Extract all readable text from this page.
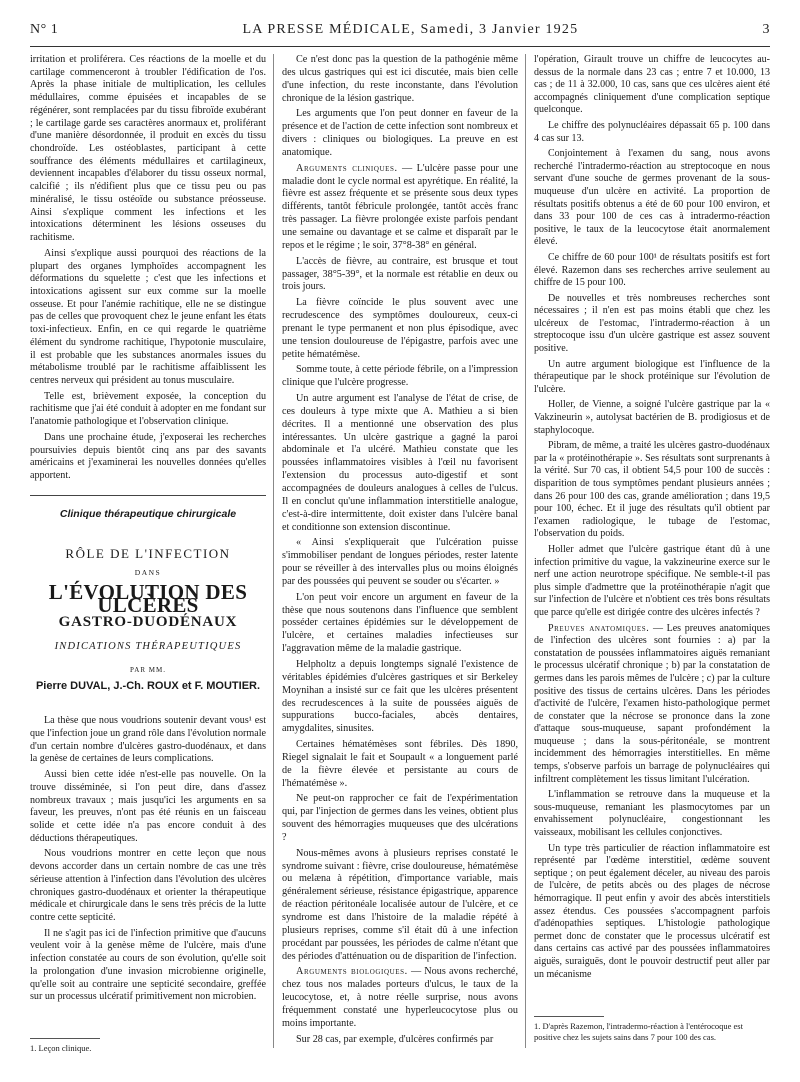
N° 1	LA PRESSE MÉDICALE, Samedi, 3 Janvier 1925	3

irritation et proliférera. Ces réactions de la moelle et du cartilage commenceront à troubler l'édification de l'os. Après la phase initiale de multiplication, les cellules médullaires, comme épuisées et incapables de se régénérer, sont remplacées par du tissu fibroïde exubérant ; le cartilage garde ses caractères anormaux et, proliférant d'une manière désordonnée, il produit en excès du tissu chondroïde. Les ostéoblastes, participant à cette souffrance des éléments médullaires et cartilagineux, deviennent incapables d'élaborer du tissu osseux normal, calcifié ; ils n'édifient plus que ce tissu peu ou pas minéralisé, le tissu ostéoïde ou substance préosseuse. Ainsi s'explique comment les infections et les intoxications déterminent les lésions osseuses du rachitisme.

Ainsi s'explique aussi pourquoi des réactions de la plupart des organes lymphoïdes accompagnent les déformations du squelette ; c'est que les infections et intoxications agissent sur eux comme sur la moelle osseuse. Et pour l'anémie rachitique, elle ne se distingue pas de celles que provoquent chez le jeune enfant les états toxi-infectieux. Enfin, en ce qui regarde le quatrième élément du syndrome rachitique, l'hypotonie musculaire, il est probable que les substances anormales issues du métabolisme troublé par le rachitisme affaiblissent les centres nerveux qui président au tonus musculaire.

Telle est, brièvement exposée, la conception du rachitisme que j'ai été conduit à adopter en me fondant sur l'anatomie pathologique et l'observation clinique.

Dans une prochaine étude, j'exposerai les recherches poursuivies depuis bientôt cinq ans par des savants américains et j'examinerai les nouvelles données qu'elles apportent.

Clinique thérapeutique chirurgicale
RÔLE DE L'INFECTION
DANS
L'ÉVOLUTION DES ULCÈRES
GASTRO-DUODÉNAUX
INDICATIONS THÉRAPEUTIQUES
PAR MM.
Pierre DUVAL, J.-Ch. ROUX et F. MOUTIER.

La thèse que nous voudrions soutenir devant vous¹ est que l'infection joue un grand rôle dans l'évolution normale d'un certain nombre d'ulcères gastro-duodénaux, et dans la genèse de certaines de leurs complications.

Aussi bien cette idée n'est-elle pas nouvelle. On la trouve disséminée, si l'on peut dire, dans d'assez nombreux travaux ; mais jusqu'ici les arguments en sa faveur, les preuves, n'ont pas été réunis en un faisceau solide et cette idée n'a pas encore conduit à des déductions thérapeutiques.

Nous voudrions montrer en cette leçon que nous devons accorder dans un certain nombre de cas une très sérieuse attention à l'infection dans l'évolution des ulcères chroniques gastro-duodénaux et orienter la thérapeutique médicale et chirurgicale dans le sens très précis de la lutte contre cette septicité.

Il ne s'agit pas ici de l'infection primitive que d'aucuns veulent voir à la genèse même de l'ulcère, mais d'une infection constatée au cours de son évolution, qu'elle soit la prolongation d'une invasion microbienne originelle, qu'elle soit au contraire une septicité secondaire, greffée sur un processus ulcératif primitivement non microbien.

1. Leçon clinique.

Ce n'est donc pas la question de la pathogénie même des ulcus gastriques qui est ici discutée, mais bien celle d'une infection, du reste inconstante, dans l'évolution chronique de la lésion gastrique.

Les arguments que l'on peut donner en faveur de la présence et de l'action de cette infection sont nombreux et divers : cliniques ou biologiques. La preuve en est anatomique.

Arguments cliniques. — L'ulcère passe pour une maladie dont le cycle normal est apyrétique. En réalité, la fièvre est assez fréquente et se présente sous deux types différents, tantôt fébricule prolongée, tantôt accès franc très passager. La fièvre prolongée existe parfois pendant une semaine ou davantage et se calme et disparaît par le repos et le régime ; le soir, 37°8-38° en général.

L'accès de fièvre, au contraire, est brusque et tout passager, 38°5-39°, et la normale est rétablie en deux ou trois jours.

La fièvre coïncide le plus souvent avec une recrudescence des symptômes douloureux, ceux-ci prenant le type permanent et non plus épisodique, avec une tension douloureuse de l'épigastre, parfois avec une petite hématémèse.

Somme toute, à cette période fébrile, on a l'impression clinique que l'ulcère progresse.

Un autre argument est l'analyse de l'état de crise, de ces douleurs à type mixte que A. Mathieu a si bien décrites. Il a mentionné une observation des plus intéressantes. Un ulcère gastrique a gagné la paroi abdominale et l'a ulcéré. Mathieu constate que les poussées inflammatoires visibles à l'œil nu favorisent l'extension du processus auto-digestif et sont accompagnées de douleurs analogues à celles de l'ulcus. Il en conclut qu'une inflammation interstitielle analogue, c'est-à-dire intermittente, doit exister dans l'ulcère banal et conditionne son extension discontinue.

« Ainsi s'expliquerait que l'ulcération puisse s'immobiliser pendant de longues périodes, rester latente pour se réveiller à des intervalles plus ou moins éloignés par des poussées qui peuvent se souder ou s'écarter. »

L'on peut voir encore un argument en faveur de la thèse que nous soutenons dans l'influence que semblent posséder certaines épidémies sur le développement de l'ulcère, et certaines maladies infectieuses sur l'aggravation même de la maladie gastrique.

Helpholtz a depuis longtemps signalé l'existence de véritables épidémies d'ulcères gastriques et sir Berkeley Moynihan a insisté sur ce fait que les ulcères présentent des recrudescences à la suite de poussées aiguës de suppurations bucco-faciales, abcès dentaires, amygdalites, sinusites.

Certaines hématémèses sont fébriles. Dès 1890, Riegel signalait le fait et Soupault « a longuement parlé de la fièvre élevée et persistante au cours de l'hématémèse ».

Ne peut-on rapprocher ce fait de l'expérimentation qui, par l'injection de germes dans les veines, obtient plus souvent des hémorragies muqueuses que des ulcérations ?

Nous-mêmes avons à plusieurs reprises constaté le syndrome suivant : fièvre, crise douloureuse, hématémèse ou melæna à répétition, d'importance variable, mais généralement sérieuse, résistance épigastrique, apparence de réaction péritonéale localisée autour de l'ulcère, et ce syndrome est dans l'histoire de la maladie répété à plusieurs reprises, comme s'il était dû à une infection procédant par poussées, les périodes de calme n'étant que des périodes d'atténuation ou de disparition de l'infection.

Arguments biologiques. — Nous avons recherché, chez tous nos malades porteurs d'ulcus, le taux de la leucocytose, et, à notre réelle surprise, nous avons fréquemment constaté une hyperleucocytose plus ou moins importante.

Sur 28 cas, par exemple, d'ulcères confirmés par

l'opération, Girault trouve un chiffre de leucocytes au-dessus de la normale dans 23 cas ; entre 7 et 10.000, 13 cas ; de 11 à 32.000, 10 cas, sans que ces ulcères aient été accompagnés cliniquement d'une complication septique quelconque.

Le chiffre des polynucléaires dépassait 65 p. 100 dans 4 cas sur 13.

Conjointement à l'examen du sang, nous avons recherché l'intradermo-réaction au streptocoque en nous servant d'une souche de germes provenant de la sous-muqueuse d'un ulcère en activité. La proportion de résultats positifs obtenus a été de 60 pour 100 environ, et dans 33 pour 100 de ces cas à intradermo-réaction positive, le taux de la leucocytose était anormalement élevé.

Ce chiffre de 60 pour 100¹ de résultats positifs est fort élevé. Razemon dans ses recherches arrive seulement au chiffre de 15 pour 100.

De nouvelles et très nombreuses recherches sont nécessaires ; il n'en est pas moins établi que chez les ulcéreux de l'estomac, l'intradermo-réaction à un streptocoque issu d'un ulcère gastrique est assez souvent positive.

Un autre argument biologique est l'influence de la thérapeutique par le shock protéinique sur l'évolution de l'ulcère.

Holler, de Vienne, a soigné l'ulcère gastrique par la « Vakzineurin », autolysat bactérien de B. prodigiosus et de staphylocoque.

Pibram, de même, a traité les ulcères gastro-duodénaux par la « protéinothérapie ». Ses résultats sont surprenants à la vérité. Sur 70 cas, il obtient 54,5 pour 100 de succès : disparition de tous symptômes pendant plusieurs années ; dans 26 pour 100 des cas, grande amélioration ; dans 19,5 pour 100, échec. Et il juge des résultats qu'il obtient par l'examen radiologique, le tubage de l'estomac, l'observation du poids.

Holler admet que l'ulcère gastrique étant dû à une infection primitive du vague, la vakzineurine exerce sur le nerf une action neurotrope spécifique. Ne semble-t-il pas plus simple d'admettre que la protéinothérapie n'agit que sur l'infection de l'ulcère et n'obtient ces très bons résultats que parce qu'elle est dirigée contre des ulcères infectés ?

Preuves anatomiques. — Les preuves anatomiques de l'infection des ulcères sont fournies : a) par la constatation de poussées inflammatoires aiguës remaniant le processus ulcératif chronique ; b) par la constatation de germes dans les parois mêmes de l'ulcère ; c) par la culture positive des tissus de certains ulcères. Dans les périodes d'activité de l'ulcère, l'examen histo-pathologique permet de constater que la nécrose se prononce dans la zone d'attaque sous-muqueuse, sapant profondément la muqueuse ; dans la sous-péritonéale, se montrent incidemment des hémorragies interstitielles. En même temps, s'observe parfois un barrage de polynucléaires qui infiltrent complètement les tissus limitant l'ulcération.

L'inflammation se retrouve dans la muqueuse et la sous-muqueuse, remaniant les plasmocytomes par un envahissement polynucléaire, congestionnant les vaisseaux, mobilisant les cellules conjonctives.

Un type très particulier de réaction inflammatoire est représenté par l'œdème interstitiel, œdème souvent septique ; on peut également déceler, au niveau des parois de l'ulcère, de petits abcès ou des plages de nécrose hémorragique. Il peut enfin y avoir des abcès interstitiels assez étendus. Ces poussées s'accompagnent parfois d'adénopathies septiques. L'histologie pathologique permet donc de constater que le processus ulcératif est dans certains cas activé par des poussées inflammatoires aiguës, suraiguës, dont le pouvoir destructif peut aller par un mécanisme

1. D'après Razemon, l'intradermo-réaction à l'entérocoque est positive chez les sujets sains dans 7 pour 100 des cas.
